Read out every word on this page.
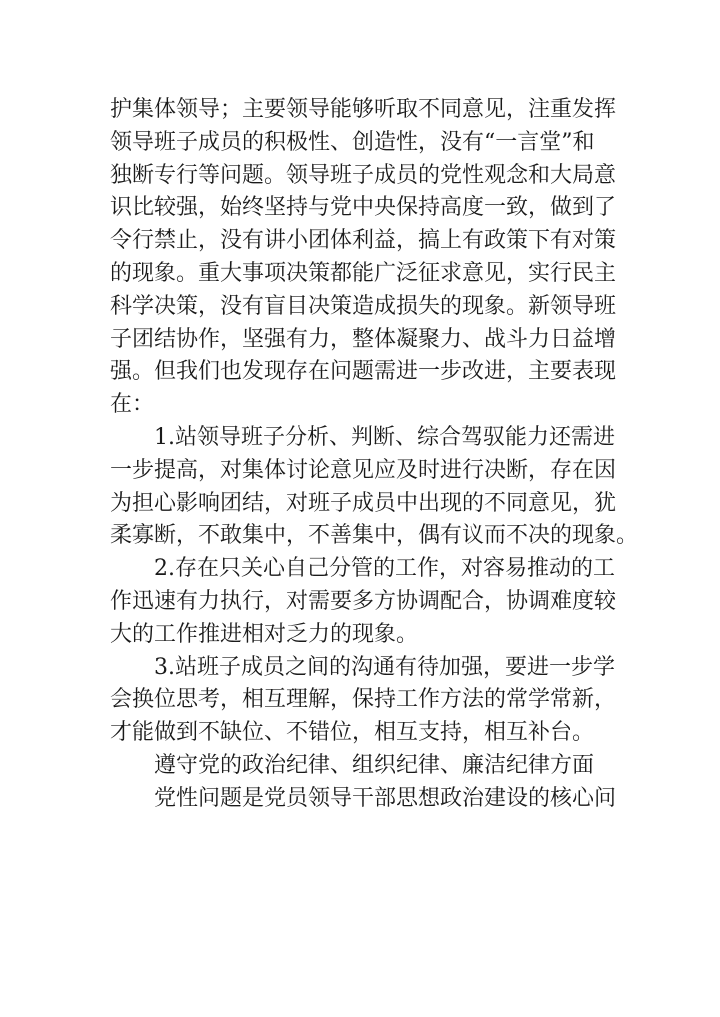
护集体领导；主要领导能够听取不同意见，注重发挥
领导班子成员的积极性、创造性，没有“一言堂”和
独断专行等问题。领导班子成员的党性观念和大局意
识比较强，始终坚持与党中央保持高度一致，做到了
令行禁止，没有讲小团体利益，搞上有政策下有对策
的现象。重大事项决策都能广泛征求意见，实行民主
科学决策，没有盲目决策造成损失的现象。新领导班
子团结协作，坚强有力，整体凝聚力、战斗力日益增
强。但我们也发现存在问题需进一步改进，主要表现
在：
1.站领导班子分析、判断、综合驾驭能力还需进
一步提高，对集体讨论意见应及时进行决断，存在因
为担心影响团结，对班子成员中出现的不同意见，犹
柔寡断，不敢集中，不善集中，偶有议而不决的现象。
2.存在只关心自己分管的工作，对容易推动的工
作迅速有力执行，对需要多方协调配合，协调难度较
大的工作推进相对乏力的现象。
3.站班子成员之间的沟通有待加强，要进一步学
会换位思考，相互理解，保持工作方法的常学常新，
才能做到不缺位、不错位，相互支持，相互补台。
遵守党的政治纪律、组织纪律、廉洁纪律方面
党性问题是党员领导干部思想政治建设的核心问
